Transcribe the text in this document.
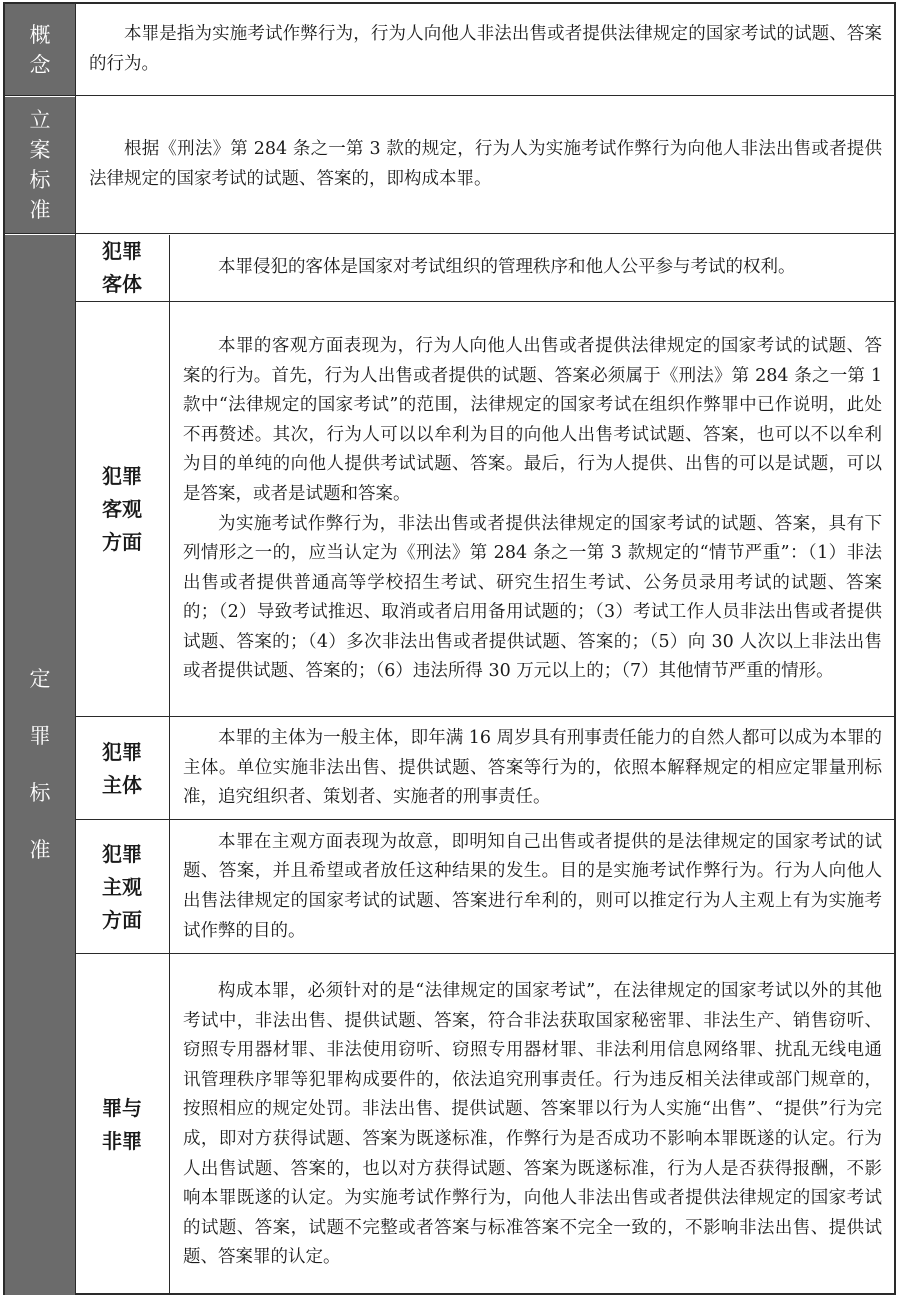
概念
立案标准
定罪标准

本罪是指为实施考试作弊行为，行为人向他人非法出售或者提供法律规定的国家考试的试题、答案的行为。

根据《刑法》第 284 条之一第 3 款的规定，行为人为实施考试作弊行为向他人非法出售或者提供法律规定的国家考试的试题、答案的，即构成本罪。

犯罪客体

本罪侵犯的客体是国家对考试组织的管理秩序和他人公平参与考试的权利。

犯罪客观方面

本罪的客观方面表现为，行为人向他人出售或者提供法律规定的国家考试的试题、答案的行为。首先，行为人出售或者提供的试题、答案必须属于《刑法》第 284 条之一第 1 款中“法律规定的国家考试”的范围，法律规定的国家考试在组织作弊罪中已作说明，此处不再赘述。其次，行为人可以以牟利为目的向他人出售考试试题、答案，也可以不以牟利为目的单纯的向他人提供考试试题、答案。最后，行为人提供、出售的可以是试题，可以是答案，或者是试题和答案。

为实施考试作弊行为，非法出售或者提供法律规定的国家考试的试题、答案，具有下列情形之一的，应当认定为《刑法》第 284 条之一第 3 款规定的“情节严重”：（1）非法出售或者提供普通高等学校招生考试、研究生招生考试、公务员录用考试的试题、答案的；（2）导致考试推迟、取消或者启用备用试题的；（3）考试工作人员非法出售或者提供试题、答案的；（4）多次非法出售或者提供试题、答案的；（5）向 30 人次以上非法出售或者提供试题、答案的；（6）违法所得 30 万元以上的；（7）其他情节严重的情形。

犯罪主体

本罪的主体为一般主体，即年满 16 周岁具有刑事责任能力的自然人都可以成为本罪的主体。单位实施非法出售、提供试题、答案等行为的，依照本解释规定的相应定罪量刑标准，追究组织者、策划者、实施者的刑事责任。

犯罪主观方面

本罪在主观方面表现为故意，即明知自己出售或者提供的是法律规定的国家考试的试题、答案，并且希望或者放任这种结果的发生。目的是实施考试作弊行为。行为人向他人出售法律规定的国家考试的试题、答案进行牟利的，则可以推定行为人主观上有为实施考试作弊的目的。

罪与非罪

构成本罪，必须针对的是“法律规定的国家考试”，在法律规定的国家考试以外的其他考试中，非法出售、提供试题、答案，符合非法获取国家秘密罪、非法生产、销售窃听、窃照专用器材罪、非法使用窃听、窃照专用器材罪、非法利用信息网络罪、扰乱无线电通讯管理秩序罪等犯罪构成要件的，依法追究刑事责任。行为违反相关法律或部门规章的，按照相应的规定处罚。非法出售、提供试题、答案罪以行为人实施“出售”、“提供”行为完成，即对方获得试题、答案为既遂标准，作弊行为是否成功不影响本罪既遂的认定。行为人出售试题、答案的，也以对方获得试题、答案为既遂标准，行为人是否获得报酬，不影响本罪既遂的认定。为实施考试作弊行为，向他人非法出售或者提供法律规定的国家考试的试题、答案，试题不完整或者答案与标准答案不完全一致的，不影响非法出售、提供试题、答案罪的认定。
